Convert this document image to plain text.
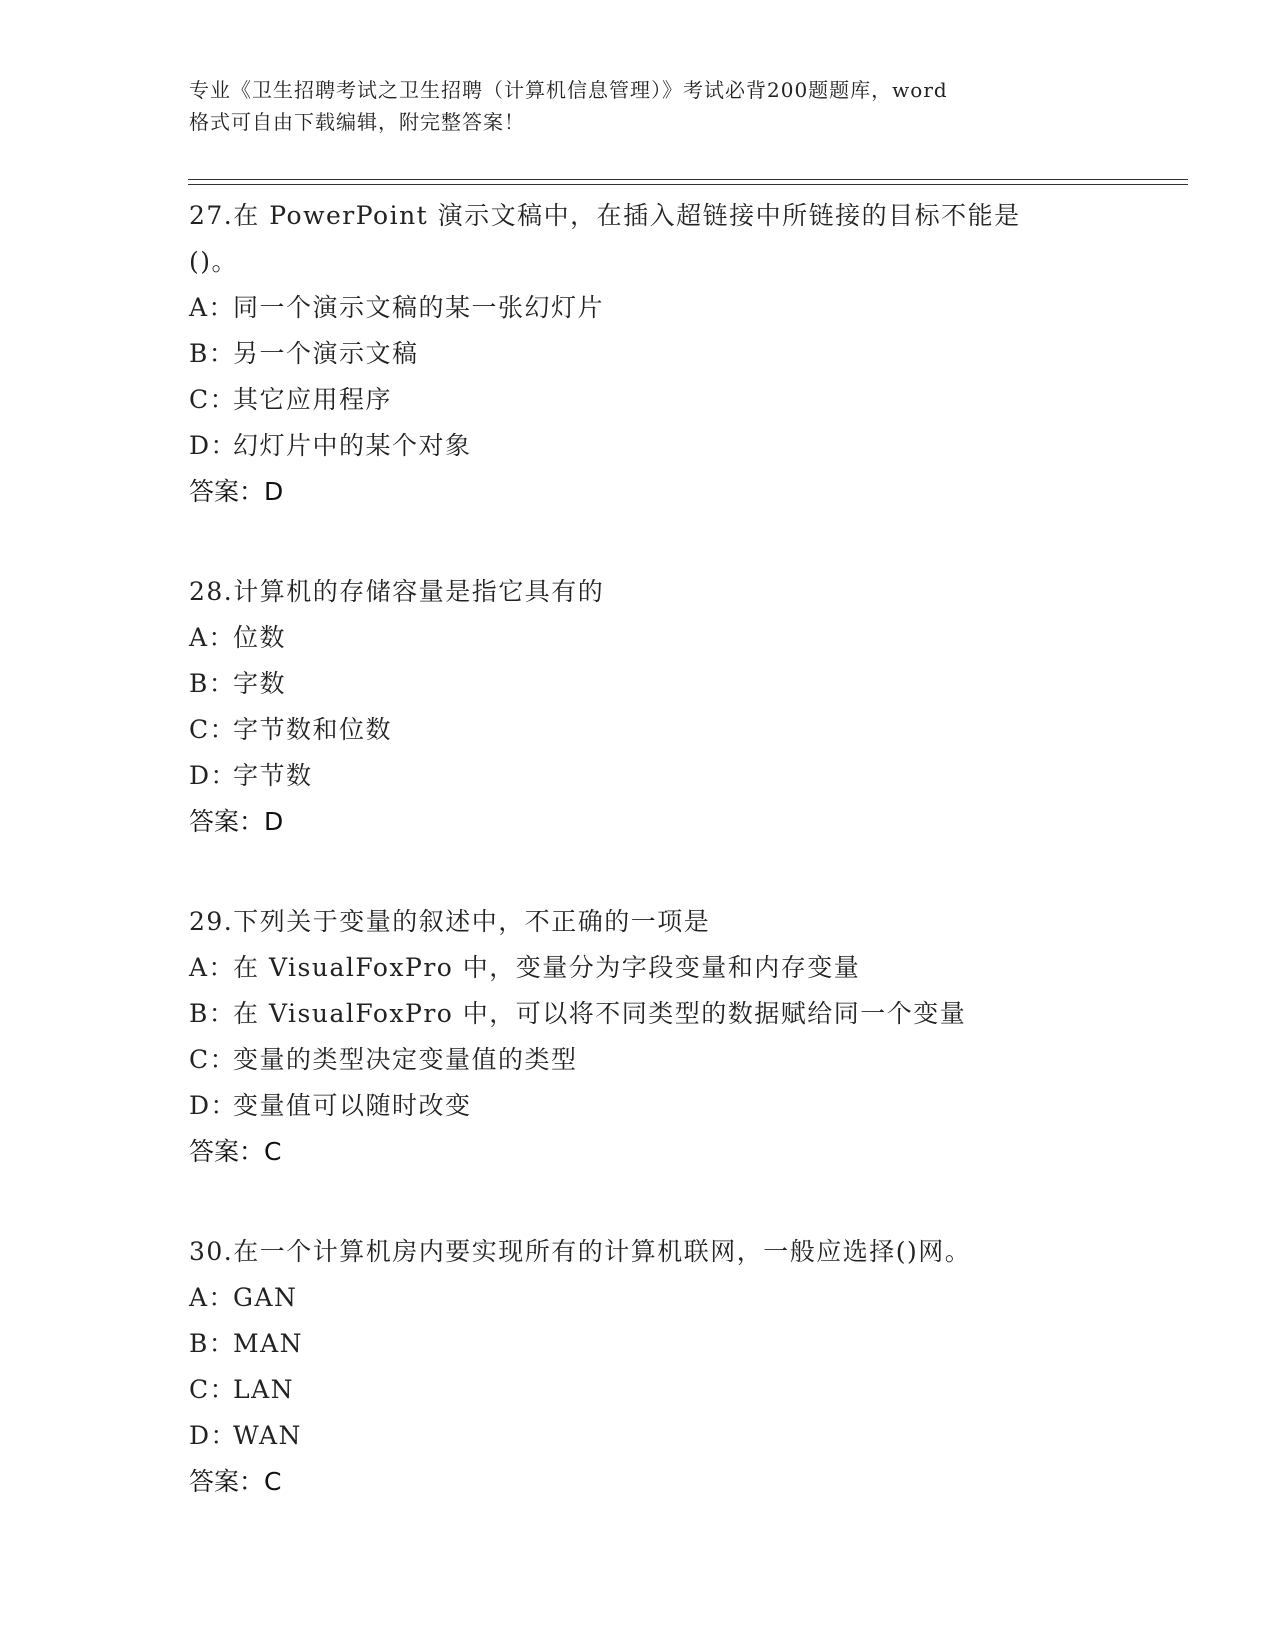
专业《卫生招聘考试之卫生招聘（计算机信息管理）》考试必背200题题库，word
格式可自由下载编辑，附完整答案！

27.在 PowerPoint 演示文稿中，在插入超链接中所链接的目标不能是
()。

A：同一个演示文稿的某一张幻灯片

B：另一个演示文稿

C：其它应用程序

D：幻灯片中的某个对象

答案：D

28.计算机的存储容量是指它具有的

A：位数

B：字数

C：字节数和位数

D：字节数

答案：D

29.下列关于变量的叙述中，不正确的一项是

A：在 VisualFoxPro 中，变量分为字段变量和内存变量

B：在 VisualFoxPro 中，可以将不同类型的数据赋给同一个变量

C：变量的类型决定变量值的类型

D：变量值可以随时改变

答案：C

30.在一个计算机房内要实现所有的计算机联网，一般应选择()网。

A：GAN

B：MAN

C：LAN

D：WAN

答案：C
